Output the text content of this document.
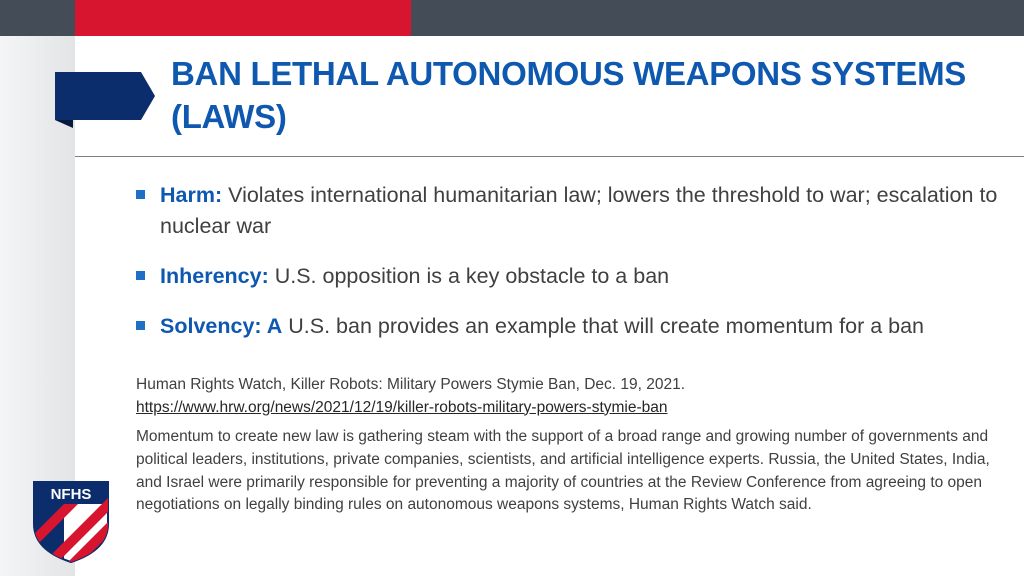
BAN LETHAL AUTONOMOUS WEAPONS SYSTEMS (LAWS)
Harm: Violates international humanitarian law; lowers the threshold to war; escalation to nuclear war
Inherency: U.S. opposition is a key obstacle to a ban
Solvency: A U.S. ban provides an example that will create momentum for a ban
Human Rights Watch, Killer Robots: Military Powers Stymie Ban, Dec. 19, 2021.
https://www.hrw.org/news/2021/12/19/killer-robots-military-powers-stymie-ban
Momentum to create new law is gathering steam with the support of a broad range and growing number of governments and political leaders, institutions, private companies, scientists, and artificial intelligence experts. Russia, the United States, India, and Israel were primarily responsible for preventing a majority of countries at the Review Conference from agreeing to open negotiations on legally binding rules on autonomous weapons systems, Human Rights Watch said.
NFHS
